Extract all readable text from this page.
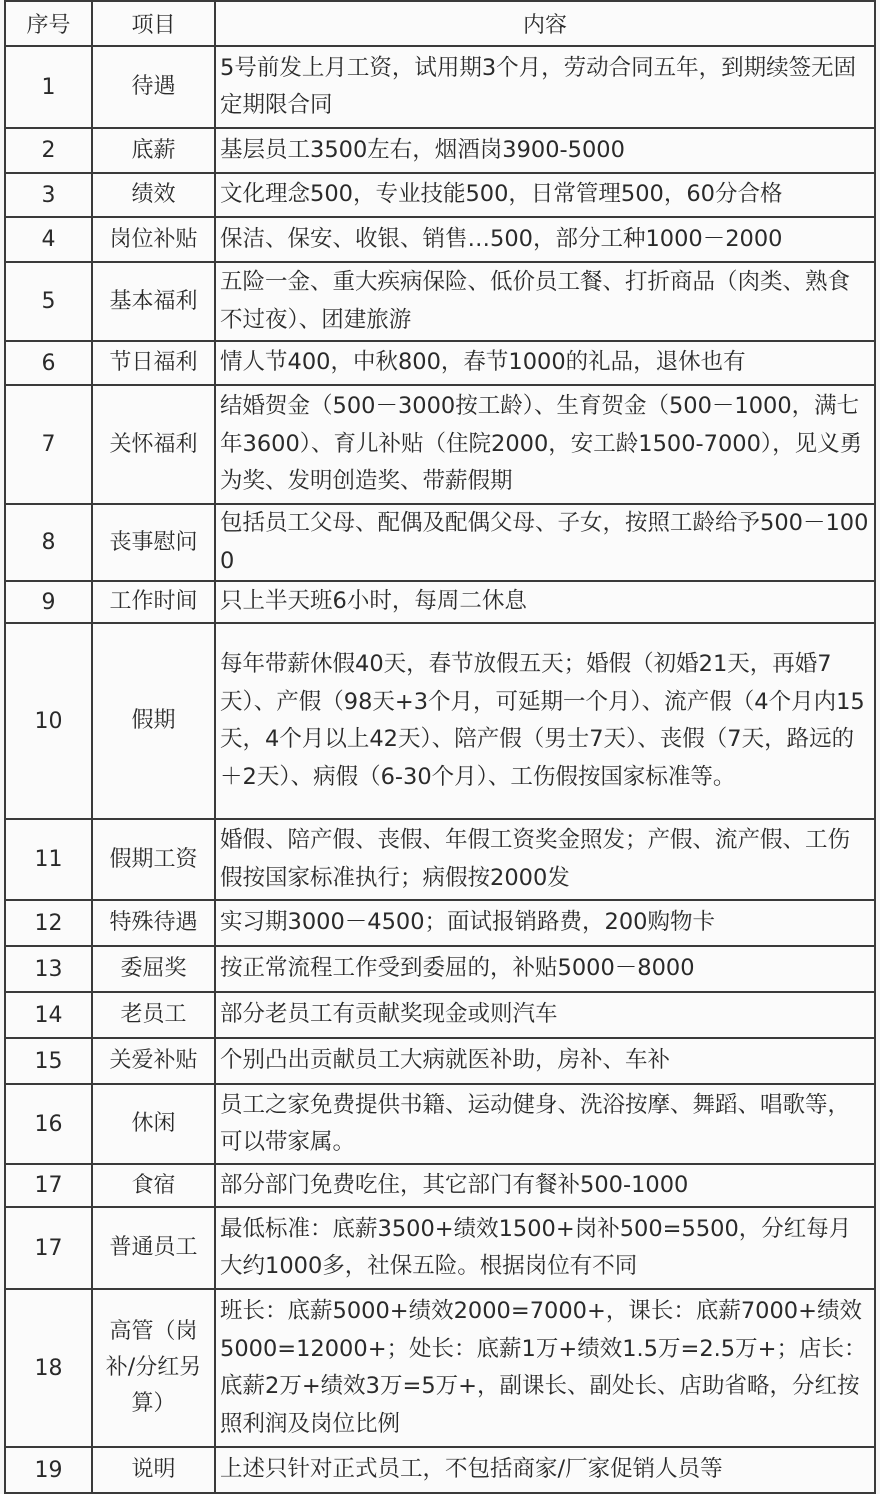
序号	项目	内容
1	待遇	5号前发上月工资，试用期3个月，劳动合同五年，到期续签无固定期限合同
2	底薪	基层员工3500左右，烟酒岗3900-5000
3	绩效	文化理念500，专业技能500，日常管理500，60分合格
4	岗位补贴	保洁、保安、收银、销售…500，部分工种1000－2000
5	基本福利	五险一金、重大疾病保险、低价员工餐、打折商品（肉类、熟食不过夜）、团建旅游
6	节日福利	情人节400，中秋800，春节1000的礼品，退休也有
7	关怀福利	结婚贺金（500－3000按工龄）、生育贺金（500－1000，满七年3600）、育儿补贴（住院2000，安工龄1500-7000），见义勇为奖、发明创造奖、带薪假期
8	丧事慰问	包括员工父母、配偶及配偶父母、子女，按照工龄给予500－1000
9	工作时间	只上半天班6小时，每周二休息
10	假期	每年带薪休假40天，春节放假五天；婚假（初婚21天，再婚7天）、产假（98天+3个月，可延期一个月）、流产假（4个月内15天，4个月以上42天）、陪产假（男士7天）、丧假（7天，路远的＋2天）、病假（6-30个月）、工伤假按国家标准等。
11	假期工资	婚假、陪产假、丧假、年假工资奖金照发；产假、流产假、工伤假按国家标准执行；病假按2000发
12	特殊待遇	实习期3000－4500；面试报销路费，200购物卡
13	委屈奖	按正常流程工作受到委屈的，补贴5000－8000
14	老员工	部分老员工有贡献奖现金或则汽车
15	关爱补贴	个别凸出贡献员工大病就医补助，房补、车补
16	休闲	员工之家免费提供书籍、运动健身、洗浴按摩、舞蹈、唱歌等，可以带家属。
17	食宿	部分部门免费吃住，其它部门有餐补500-1000
17	普通员工	最低标准：底薪3500+绩效1500+岗补500=5500，分红每月大约1000多，社保五险。根据岗位有不同
18	高管（岗补/分红另算）	班长：底薪5000+绩效2000=7000+，课长：底薪7000+绩效5000=12000+；处长：底薪1万+绩效1.5万=2.5万+；店长：底薪2万+绩效3万=5万+，副课长、副处长、店助省略，分红按照利润及岗位比例
19	说明	上述只针对正式员工，不包括商家/厂家促销人员等
